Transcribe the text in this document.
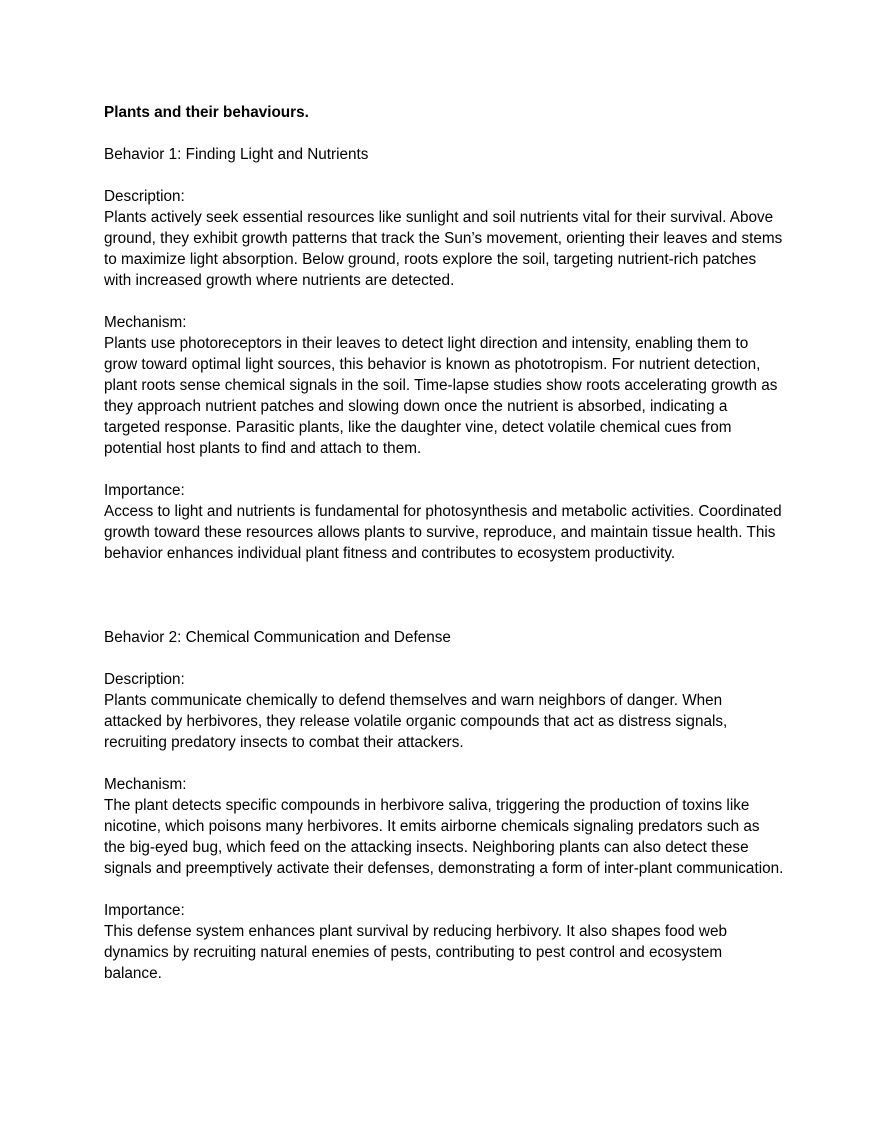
Plants and their behaviours.

Behavior 1: Finding Light and Nutrients

Description:

Plants actively seek essential resources like sunlight and soil nutrients vital for their survival. Above ground, they exhibit growth patterns that track the Sun’s movement, orienting their leaves and stems to maximize light absorption. Below ground, roots explore the soil, targeting nutrient-rich patches with increased growth where nutrients are detected.

Mechanism:

Plants use photoreceptors in their leaves to detect light direction and intensity, enabling them to grow toward optimal light sources, this behavior is known as phototropism. For nutrient detection, plant roots sense chemical signals in the soil. Time-lapse studies show roots accelerating growth as they approach nutrient patches and slowing down once the nutrient is absorbed, indicating a targeted response. Parasitic plants, like the daughter vine, detect volatile chemical cues from potential host plants to find and attach to them.

Importance:

Access to light and nutrients is fundamental for photosynthesis and metabolic activities. Coordinated growth toward these resources allows plants to survive, reproduce, and maintain tissue health. This behavior enhances individual plant fitness and contributes to ecosystem productivity.

Behavior 2: Chemical Communication and Defense

Description:

Plants communicate chemically to defend themselves and warn neighbors of danger. When attacked by herbivores, they release volatile organic compounds that act as distress signals, recruiting predatory insects to combat their attackers.

Mechanism:

The plant detects specific compounds in herbivore saliva, triggering the production of toxins like nicotine, which poisons many herbivores. It emits airborne chemicals signaling predators such as the big-eyed bug, which feed on the attacking insects. Neighboring plants can also detect these signals and preemptively activate their defenses, demonstrating a form of inter-plant communication.

Importance:

This defense system enhances plant survival by reducing herbivory. It also shapes food web dynamics by recruiting natural enemies of pests, contributing to pest control and ecosystem balance.
